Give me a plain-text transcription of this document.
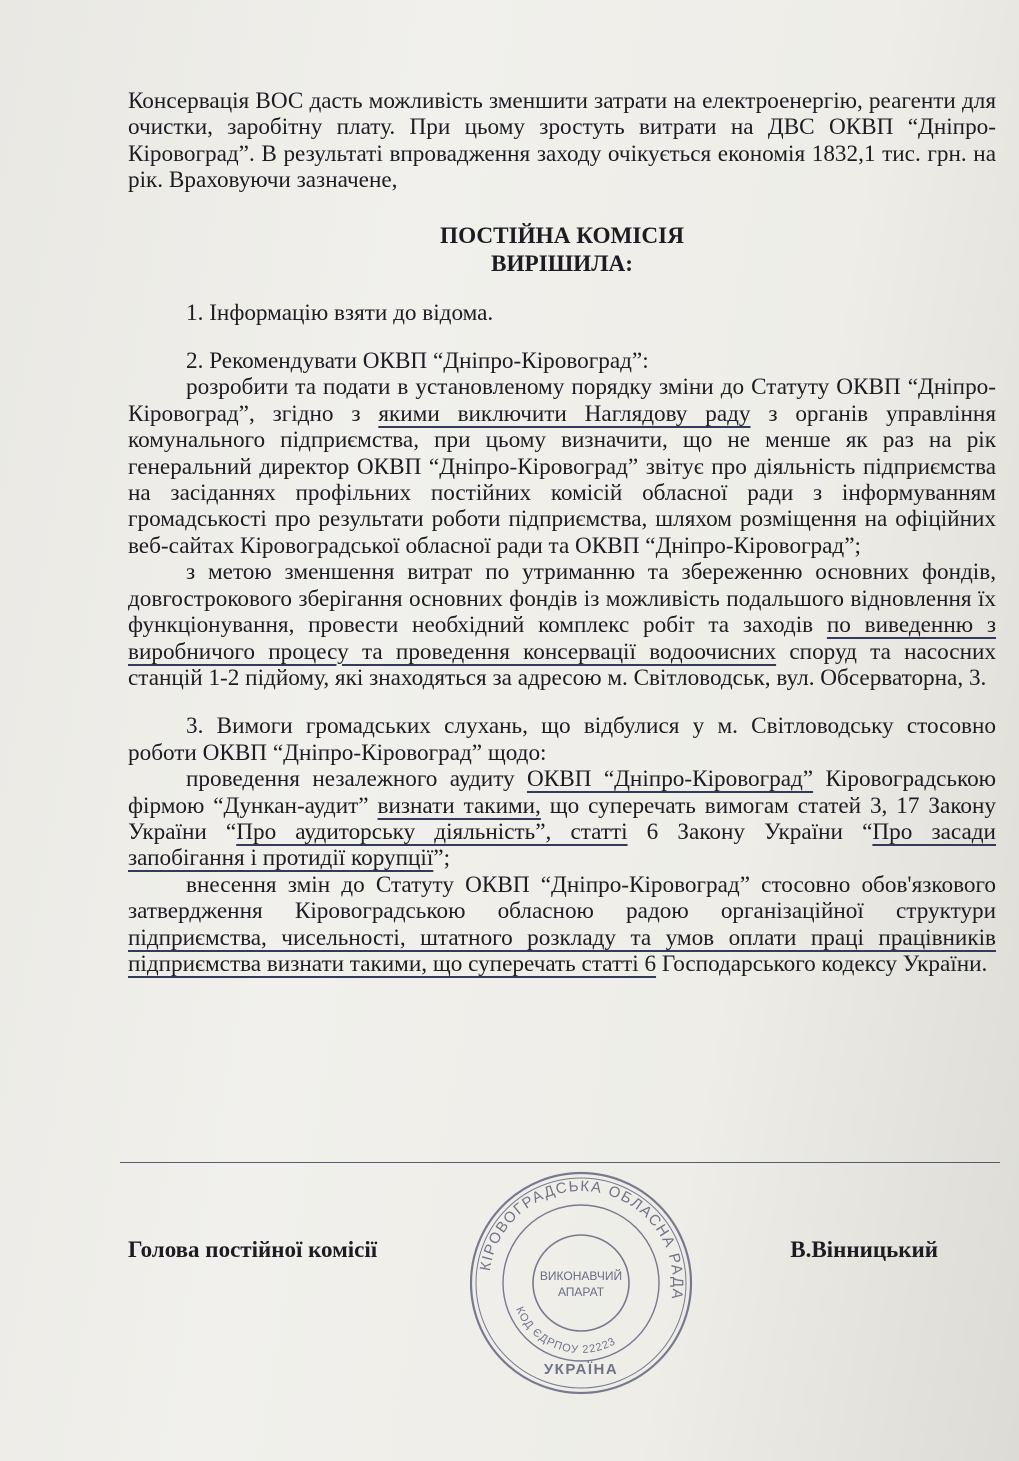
Консервація ВОС дасть можливість зменшити затрати на електроенергію, реагенти для очистки, заробітну плату. При цьому зростуть витрати на ДВС ОКВП “Дніпро-Кіровоград”. В результаті впровадження заходу очікується економія 1832,1 тис. грн. на рік. Враховуючи зазначене,

ПОСТІЙНА КОМІСІЯ

ВИРІШИЛА:

1. Інформацію взяти до відома.

2. Рекомендувати ОКВП “Дніпро-Кіровоград”:

розробити та подати в установленому порядку зміни до Статуту ОКВП “Дніпро-Кіровоград”, згідно з якими виключити Наглядову раду з органів управління комунального підприємства, при цьому визначити, що не менше як раз на рік генеральний директор ОКВП “Дніпро-Кіровоград” звітує про діяльність підприємства на засіданнях профільних постійних комісій обласної ради з інформуванням громадськості про результати роботи підприємства, шляхом розміщення на офіційних веб-сайтах Кіровоградської обласної ради та ОКВП “Дніпро-Кіровоград”;

з метою зменшення витрат по утриманню та збереженню основних фондів, довгострокового зберігання основних фондів із можливість подальшого відновлення їх функціонування, провести необхідний комплекс робіт та заходів по виведенню з виробничого процесу та проведення консервації водоочисних споруд та насосних станцій 1-2 підйому, які знаходяться за адресою м. Світловодськ, вул. Обсерваторна, 3.

3. Вимоги громадських слухань, що відбулися у м. Світловодську стосовно роботи ОКВП “Дніпро-Кіровоград” щодо:

проведення незалежного аудиту ОКВП “Дніпро-Кіровоград” Кіровоградською фірмою “Дункан-аудит” визнати такими, що суперечать вимогам статей 3, 17 Закону України “Про аудиторську діяльність”, статті 6 Закону України “Про засади запобігання і протидії корупції”;

внесення змін до Статуту ОКВП “Дніпро-Кіровоград” стосовно обов'язкового затвердження Кіровоградською обласною радою організаційної структури підприємства, чисельності, штатного розкладу та умов оплати праці працівників підприємства визнати такими, що суперечать статті 6 Господарського кодексу України.

Голова постійної комісії	В.Вінницький
КІРОВОГРАДСЬКА ОБЛАСНА РАДА
КОД ЄДРПОУ 22223
УКРАЇНА
ВИКОНАВЧИЙ
АПАРАТ
